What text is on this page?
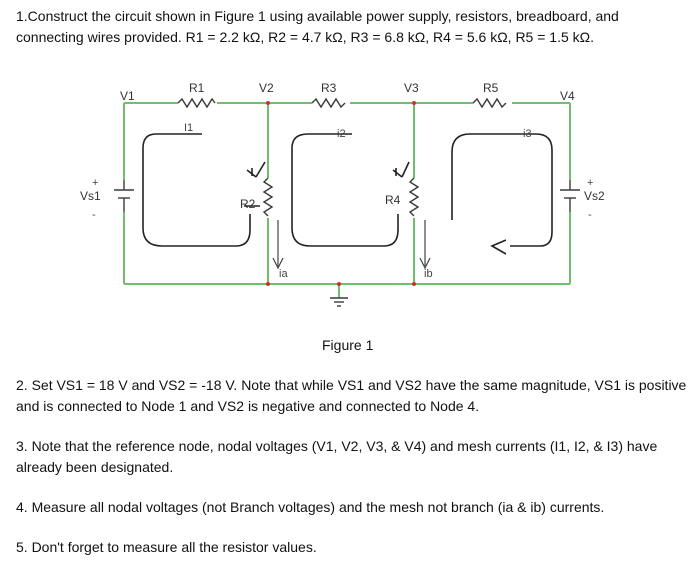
1.Construct the circuit shown in Figure 1 using available power supply, resistors, breadboard, and connecting wires provided. R1 = 2.2 kΩ, R2 = 4.7 kΩ, R3 = 6.8 kΩ, R4 = 5.6 kΩ, R5 = 1.5 kΩ.

V1
V2	V3
V4
R1	R3	R5
R2	R4
Vs1	Vs2
+
-
+
-
I1	i2	i3
ia	ib
Figure 1

2. Set VS1 = 18 V and VS2 = -18 V. Note that while VS1 and VS2 have the same magnitude, VS1 is positive and is connected to Node 1 and VS2 is negative and connected to Node 4.

3. Note that the reference node, nodal voltages (V1, V2, V3, & V4) and mesh currents (I1, I2, & I3) have already been designated.

4. Measure all nodal voltages (not Branch voltages) and the mesh not branch (ia & ib) currents.

5. Don't forget to measure all the resistor values.
